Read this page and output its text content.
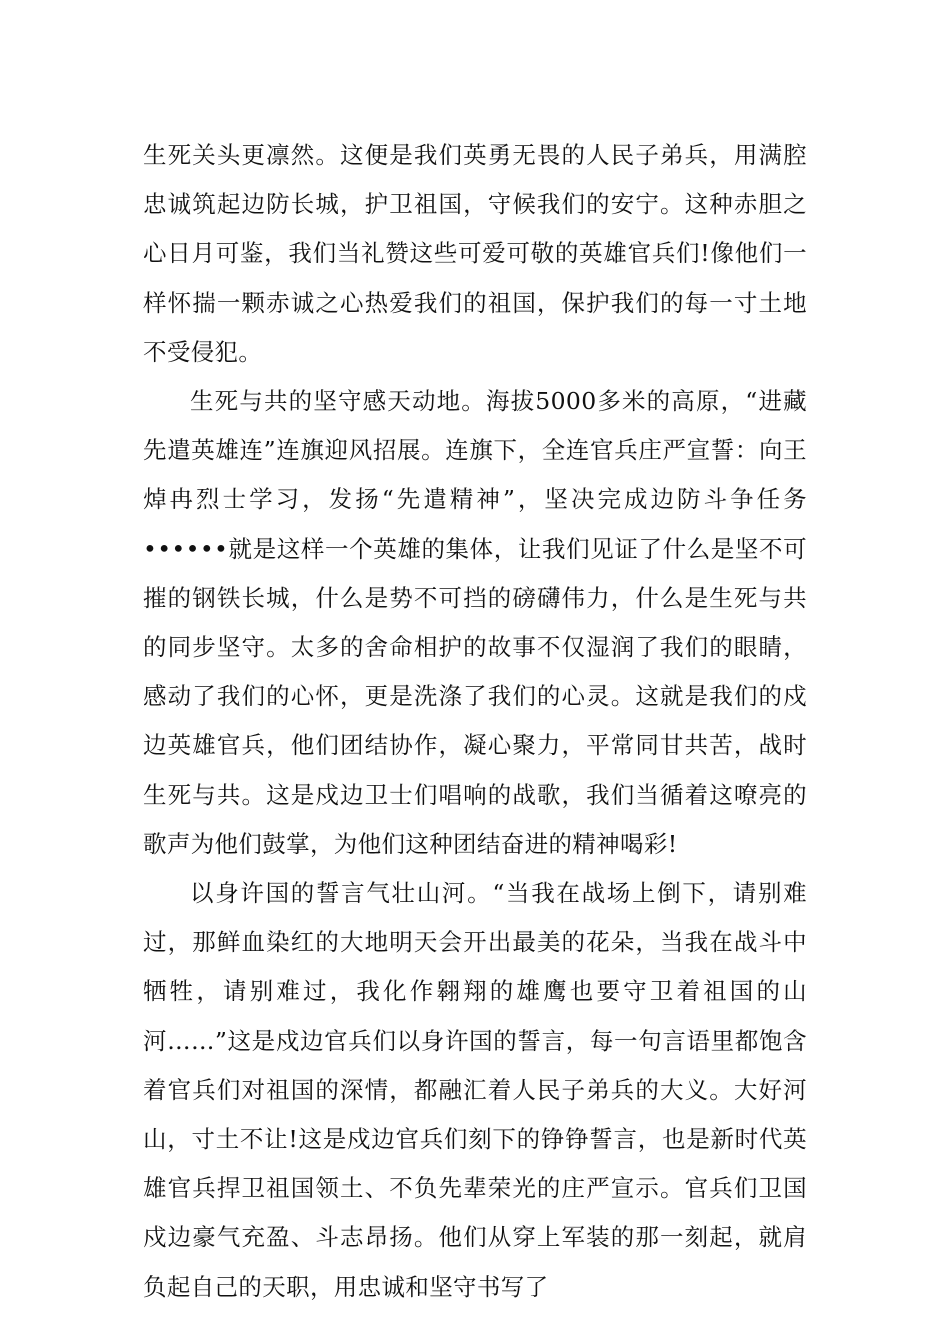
生死关头更凛然。这便是我们英勇无畏的人民子弟兵，用满腔忠诚筑起边防长城，护卫祖国，守候我们的安宁。这种赤胆之心日月可鉴，我们当礼赞这些可爱可敬的英雄官兵们!像他们一样怀揣一颗赤诚之心热爱我们的祖国，保护我们的每一寸土地不受侵犯。

生死与共的坚守感天动地。海拔5000多米的高原，“进藏先遣英雄连”连旗迎风招展。连旗下，全连官兵庄严宣誓：向王焯冉烈士学习，发扬“先遣精神”，坚决完成边防斗争任务••••••就是这样一个英雄的集体，让我们见证了什么是坚不可摧的钢铁长城，什么是势不可挡的磅礴伟力，什么是生死与共的同步坚守。太多的舍命相护的故事不仅湿润了我们的眼睛，感动了我们的心怀，更是洗涤了我们的心灵。这就是我们的戍边英雄官兵，他们团结协作，凝心聚力，平常同甘共苦，战时生死与共。这是戍边卫士们唱响的战歌，我们当循着这嘹亮的歌声为他们鼓掌，为他们这种团结奋进的精神喝彩!

以身许国的誓言气壮山河。“当我在战场上倒下，请别难过，那鲜血染红的大地明天会开出最美的花朵，当我在战斗中牺牲，请别难过，我化作翱翔的雄鹰也要守卫着祖国的山河……”这是戍边官兵们以身许国的誓言，每一句言语里都饱含着官兵们对祖国的深情，都融汇着人民子弟兵的大义。大好河山，寸土不让!这是戍边官兵们刻下的铮铮誓言，也是新时代英雄官兵捍卫祖国领土、不负先辈荣光的庄严宣示。官兵们卫国戍边豪气充盈、斗志昂扬。他们从穿上军装的那一刻起，就肩负起自己的天职，用忠诚和坚守书写了
